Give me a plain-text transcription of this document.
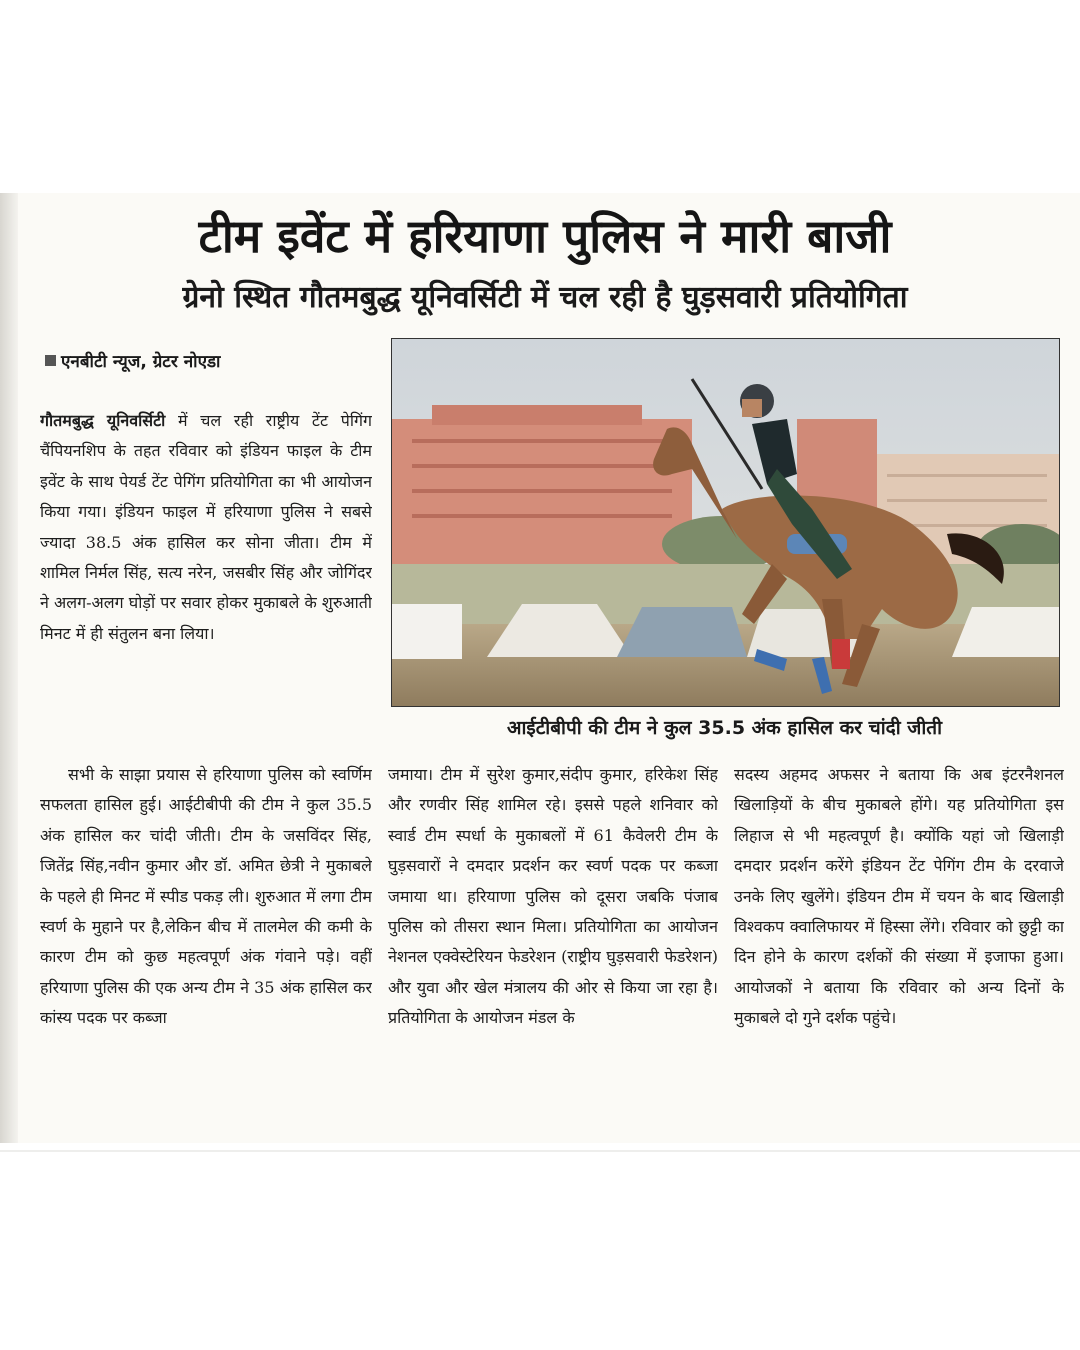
टीम इवेंट में हरियाणा पुलिस ने मारी बाजी
ग्रेनो स्थित गौतमबुद्ध यूनिवर्सिटी में चल रही है घुड़सवारी प्रतियोगिता
एनबीटी न्यूज, ग्रेटर नोएडा

गौतमबुद्ध यूनिवर्सिटी में चल रही राष्ट्रीय टेंट पेगिंग चैंपियनशिप के तहत रविवार को इंडियन फाइल के टीम इवेंट के साथ पेयर्ड टेंट पेगिंग प्रतियोगिता का भी आयोजन किया गया। इंडियन फाइल में हरियाणा पुलिस ने सबसे ज्यादा 38.5 अंक हासिल कर सोना जीता। टीम में शामिल निर्मल सिंह, सत्य नरेन, जसबीर सिंह और जोगिंदर ने अलग-अलग घोड़ों पर सवार होकर मुकाबले के शुरुआती मिनट में ही संतुलन बना लिया।

आईटीबीपी की टीम ने कुल 35.5 अंक हासिल कर चांदी जीती

सभी के साझा प्रयास से हरियाणा पुलिस को स्वर्णिम सफलता हासिल हुई। आईटीबीपी की टीम ने कुल 35.5 अंक हासिल कर चांदी जीती। टीम के जसविंदर सिंह, जितेंद्र सिंह,नवीन कुमार और डॉ. अमित छेत्री ने मुकाबले के पहले ही मिनट में स्पीड पकड़ ली। शुरुआत में लगा टीम स्वर्ण के मुहाने पर है,लेकिन बीच में तालमेल की कमी के कारण टीम को कुछ महत्वपूर्ण अंक गंवाने पड़े। वहीं हरियाणा पुलिस की एक अन्य टीम ने 35 अंक हासिल कर कांस्य पदक पर कब्जा

जमाया। टीम में सुरेश कुमार,संदीप कुमार, हरिकेश सिंह और रणवीर सिंह शामिल रहे। इससे पहले शनिवार को स्वार्ड टीम स्पर्धा के मुकाबलों में 61 कैवेलरी टीम के घुड़सवारों ने दमदार प्रदर्शन कर स्वर्ण पदक पर कब्जा जमाया था। हरियाणा पुलिस को दूसरा जबकि पंजाब पुलिस को तीसरा स्थान मिला। प्रतियोगिता का आयोजन नेशनल एक्वेस्टेरियन फेडरेशन (राष्ट्रीय घुड़सवारी फेडरेशन) और युवा और खेल मंत्रालय की ओर से किया जा रहा है। प्रतियोगिता के आयोजन मंडल के

सदस्य अहमद अफसर ने बताया कि अब इंटरनैशनल खिलाड़ियों के बीच मुकाबले होंगे। यह प्रतियोगिता इस लिहाज से भी महत्वपूर्ण है। क्योंकि यहां जो खिलाड़ी दमदार प्रदर्शन करेंगे इंडियन टेंट पेगिंग टीम के दरवाजे उनके लिए खुलेंगे। इंडियन टीम में चयन के बाद खिलाड़ी विश्वकप क्वालिफायर में हिस्सा लेंगे। रविवार को छुट्टी का दिन होने के कारण दर्शकों की संख्या में इजाफा हुआ। आयोजकों ने बताया कि रविवार को अन्य दिनों के मुकाबले दो गुने दर्शक पहुंचे।
